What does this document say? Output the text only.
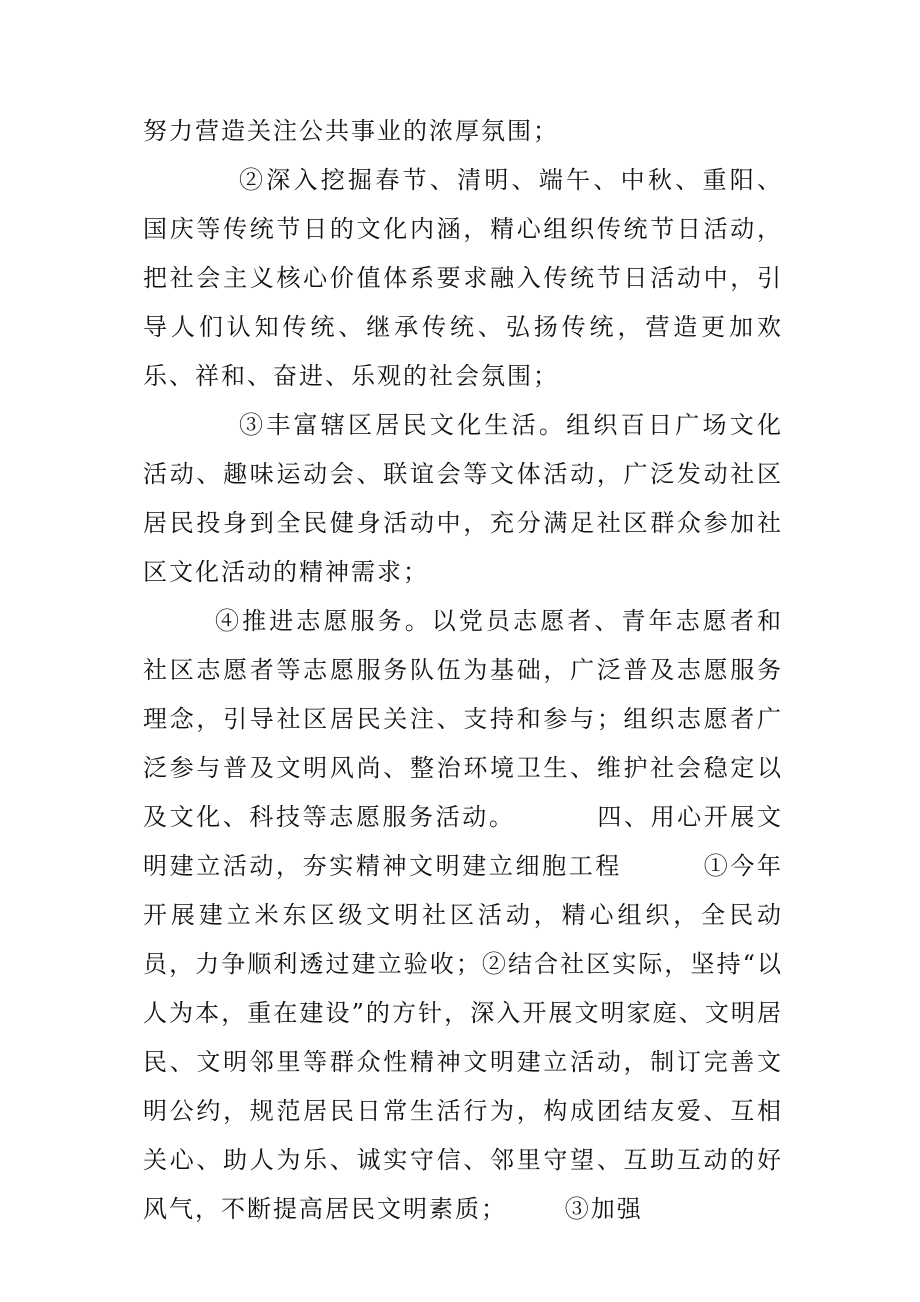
努力营造关注公共事业的浓厚氛围；

②深入挖掘春节、清明、端午、中秋、重阳、国庆等传统节日的文化内涵，精心组织传统节日活动，把社会主义核心价值体系要求融入传统节日活动中，引导人们认知传统、继承传统、弘扬传统，营造更加欢乐、祥和、奋进、乐观的社会氛围；

③丰富辖区居民文化生活。组织百日广场文化活动、趣味运动会、联谊会等文体活动，广泛发动社区居民投身到全民健身活动中，充分满足社区群众参加社区文化活动的精神需求；

④推进志愿服务。以党员志愿者、青年志愿者和社区志愿者等志愿服务队伍为基础，广泛普及志愿服务理念，引导社区居民关注、支持和参与；组织志愿者广泛参与普及文明风尚、整治环境卫生、维护社会稳定以及文化、科技等志愿服务活动。        四、用心开展文明建立活动，夯实精神文明建立细胞工程        ①今年开展建立米东区级文明社区活动，精心组织，全民动员，力争顺利透过建立验收；②结合社区实际，坚持“以人为本，重在建设”的方针，深入开展文明家庭、文明居民、文明邻里等群众性精神文明建立活动，制订完善文明公约，规范居民日常生活行为，构成团结友爱、互相关心、助人为乐、诚实守信、邻里守望、互助互动的好风气，不断提高居民文明素质；      ③加强
